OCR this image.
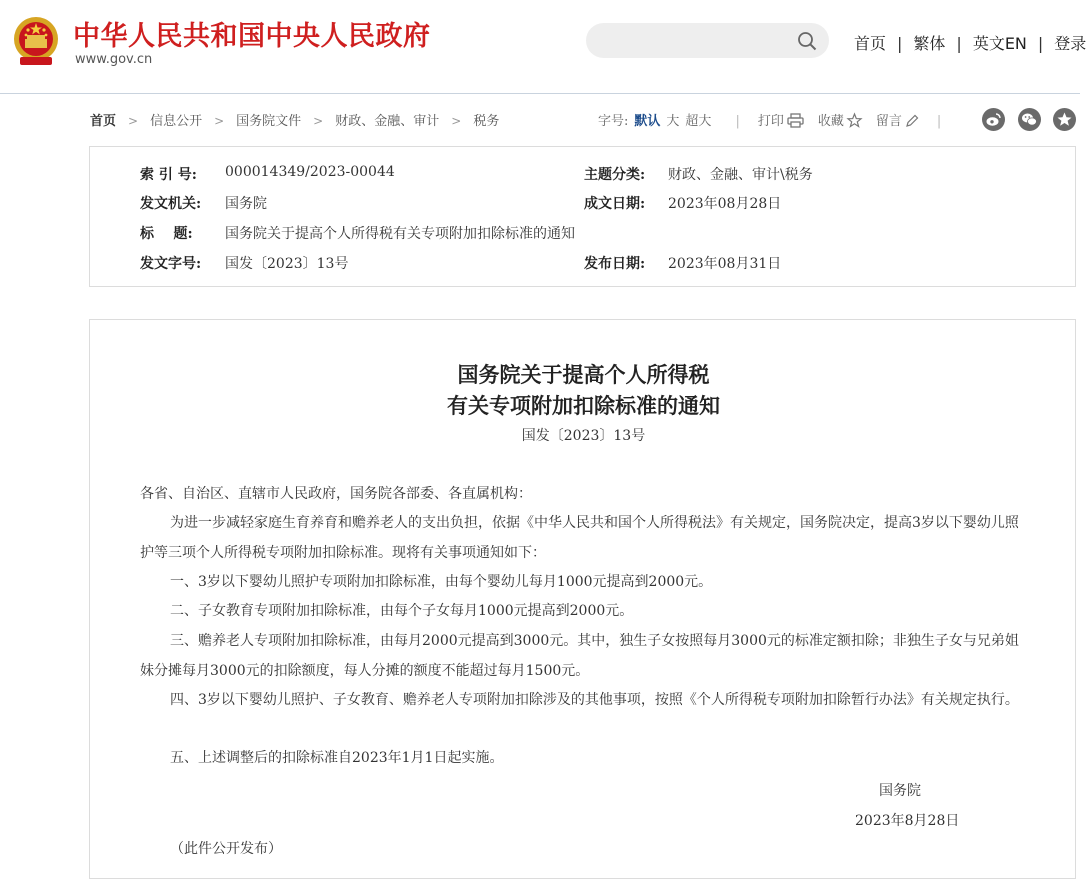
中华人民共和国中央人民政府
www.gov.cn
首页 | 繁体 | 英文EN | 登录
首页 > 信息公开 > 国务院文件 > 财政、金融、审计 > 税务	字号: 默认 大 超大 | 打印	收藏 留言	|
索 引 号: 000014349/2023-00044	主题分类: 财政、金融、审计\税务
发文机关: 国务院	成文日期: 2023年08月28日
标    题: 国务院关于提高个人所得税有关专项附加扣除标准的通知
发文字号: 国发〔2023〕13号	发布日期: 2023年08月31日
国务院关于提高个人所得税
有关专项附加扣除标准的通知
国发〔2023〕13号
各省、自治区、直辖市人民政府，国务院各部委、各直属机构：
为进一步减轻家庭生育养育和赡养老人的支出负担，依据《中华人民共和国个人所得税法》有关规定，国务院决定，提高3岁以下婴幼儿照护等三项个人所得税专项附加扣除标准。现将有关事项通知如下：
一、3岁以下婴幼儿照护专项附加扣除标准，由每个婴幼儿每月1000元提高到2000元。
二、子女教育专项附加扣除标准，由每个子女每月1000元提高到2000元。
三、赡养老人专项附加扣除标准，由每月2000元提高到3000元。其中，独生子女按照每月3000元的标准定额扣除；非独生子女与兄弟姐妹分摊每月3000元的扣除额度，每人分摊的额度不能超过每月1500元。
四、3岁以下婴幼儿照护、子女教育、赡养老人专项附加扣除涉及的其他事项，按照《个人所得税专项附加扣除暂行办法》有关规定执行。
五、上述调整后的扣除标准自2023年1月1日起实施。
国务院
2023年8月28日
（此件公开发布）
